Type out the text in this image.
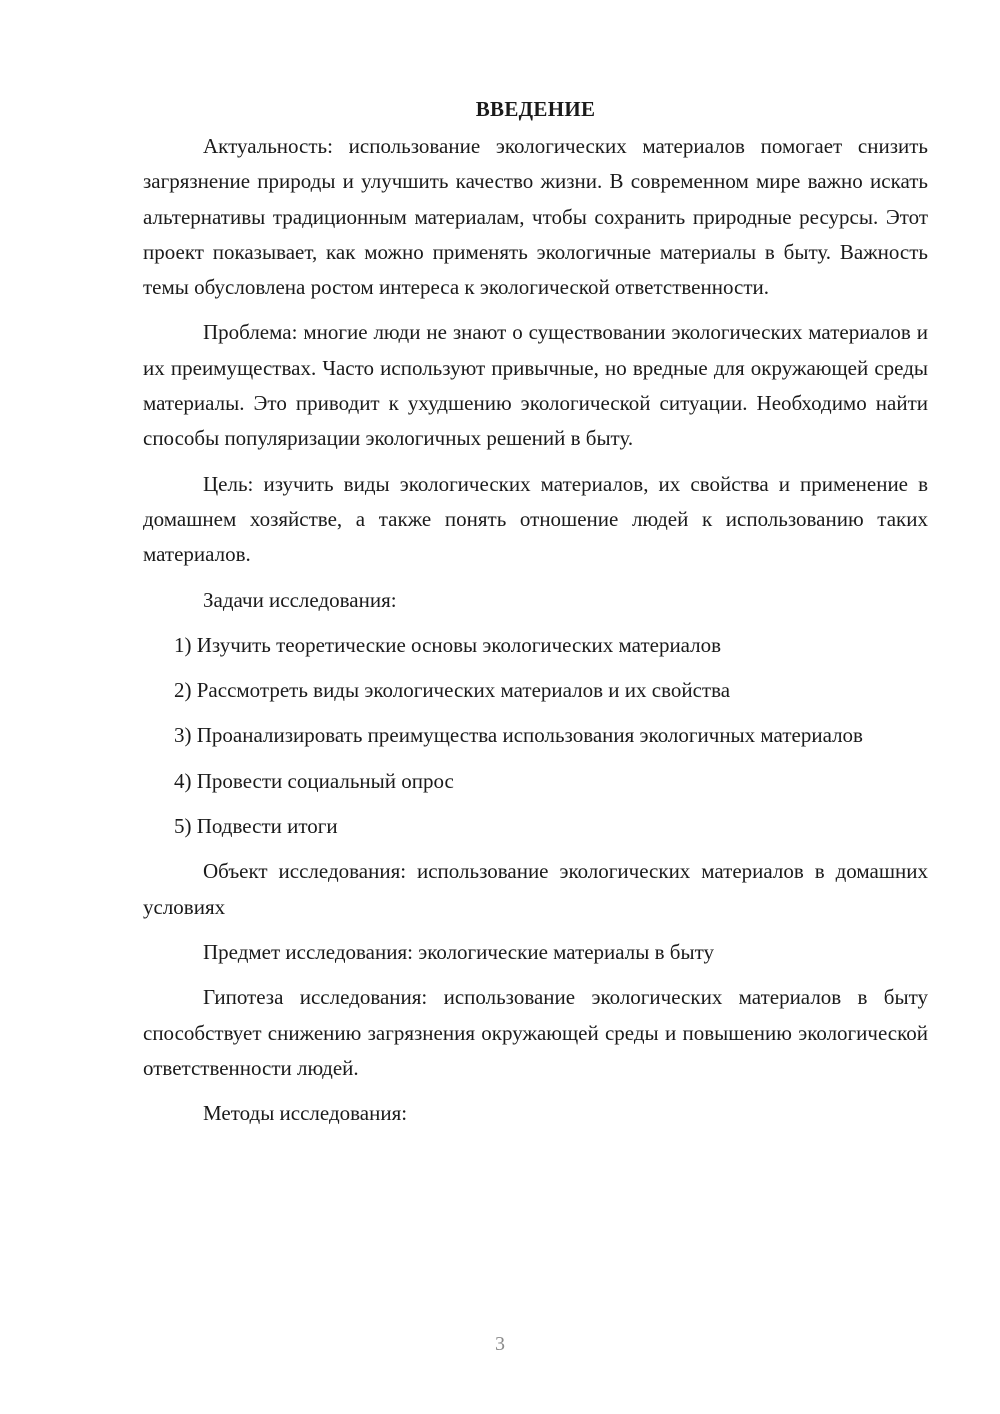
ВВЕДЕНИЕ

Актуальность: использование экологических материалов помогает снизить загрязнение природы и улучшить качество жизни. В современном мире важно искать альтернативы традиционным материалам, чтобы сохранить природные ресурсы. Этот проект показывает, как можно применять экологичные материалы в быту. Важность темы обусловлена ростом интереса к экологической ответственности.

Проблема: многие люди не знают о существовании экологических материалов и их преимуществах. Часто используют привычные, но вредные для окружающей среды материалы. Это приводит к ухудшению экологической ситуации. Необходимо найти способы популяризации экологичных решений в быту.

Цель: изучить виды экологических материалов, их свойства и применение в домашнем хозяйстве, а также понять отношение людей к использованию таких материалов.

Задачи исследования:

1) Изучить теоретические основы экологических материалов

2) Рассмотреть виды экологических материалов и их свойства

3) Проанализировать преимущества использования экологичных материалов

4) Провести социальный опрос

5) Подвести итоги

Объект исследования: использование экологических материалов в домашних условиях

Предмет исследования: экологические материалы в быту

Гипотеза исследования: использование экологических материалов в быту способствует снижению загрязнения окружающей среды и повышению экологической ответственности людей.

Методы исследования:

3
